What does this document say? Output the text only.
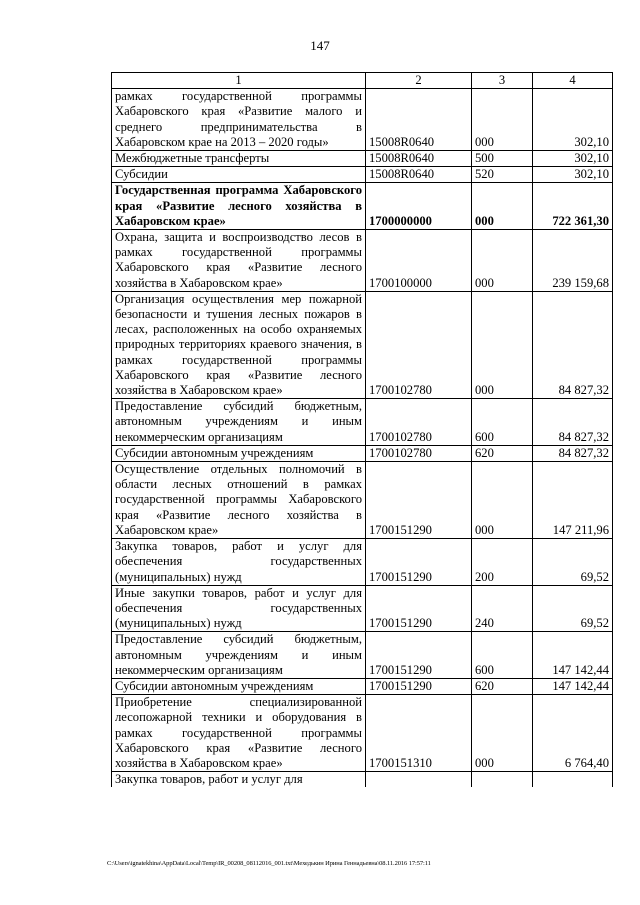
147
1	2	3	4
рамках государственной программы Хабаровского края «Развитие малого и среднего предпринимательства в Хабаровском крае на 2013 – 2020 годы»	15008R0640	000	302,10
Межбюджетные трансферты	15008R0640	500	302,10
Субсидии	15008R0640	520	302,10
Государственная программа Хабаровского края «Развитие лесного хозяйства в Хабаровском крае»	1700000000	000	722 361,30
Охрана, защита и воспроизводство лесов в рамках государственной программы Хабаровского края «Развитие лесного хозяйства в Хабаровском крае»	1700100000	000	239 159,68
Организация осуществления мер пожарной безопасности и тушения лесных пожаров в лесах, расположенных на особо охраняемых природных территориях краевого значения, в рамках государственной программы Хабаровского края «Развитие лесного хозяйства в Хабаровском крае»	1700102780	000	84 827,32
Предоставление субсидий бюджетным, автономным учреждениям и иным некоммерческим организациям	1700102780	600	84 827,32
Субсидии автономным учреждениям	1700102780	620	84 827,32
Осуществление отдельных полномочий в области лесных отношений в рамках государственной программы Хабаровского края «Развитие лесного хозяйства в Хабаровском крае»	1700151290	000	147 211,96
Закупка товаров, работ и услуг для обеспечения государственных (муниципальных) нужд	1700151290	200	69,52
Иные закупки товаров, работ и услуг для обеспечения государственных (муниципальных) нужд	1700151290	240	69,52
Предоставление субсидий бюджетным, автономным учреждениям и иным некоммерческим организациям	1700151290	600	147 142,44
Субсидии автономным учреждениям	1700151290	620	147 142,44
Приобретение специализированной лесопожарной техники и оборудования в рамках государственной программы Хабаровского края «Развитие лесного хозяйства в Хабаровском крае»	1700151310	000	6 764,40
Закупка товаров, работ и услуг для			
C:\Users\ignatekhina\AppData\Local\Temp\IR_00208_08112016_001.txt\Мехедькин Ирина Геннадьевна\08.11.2016 17:57:11
